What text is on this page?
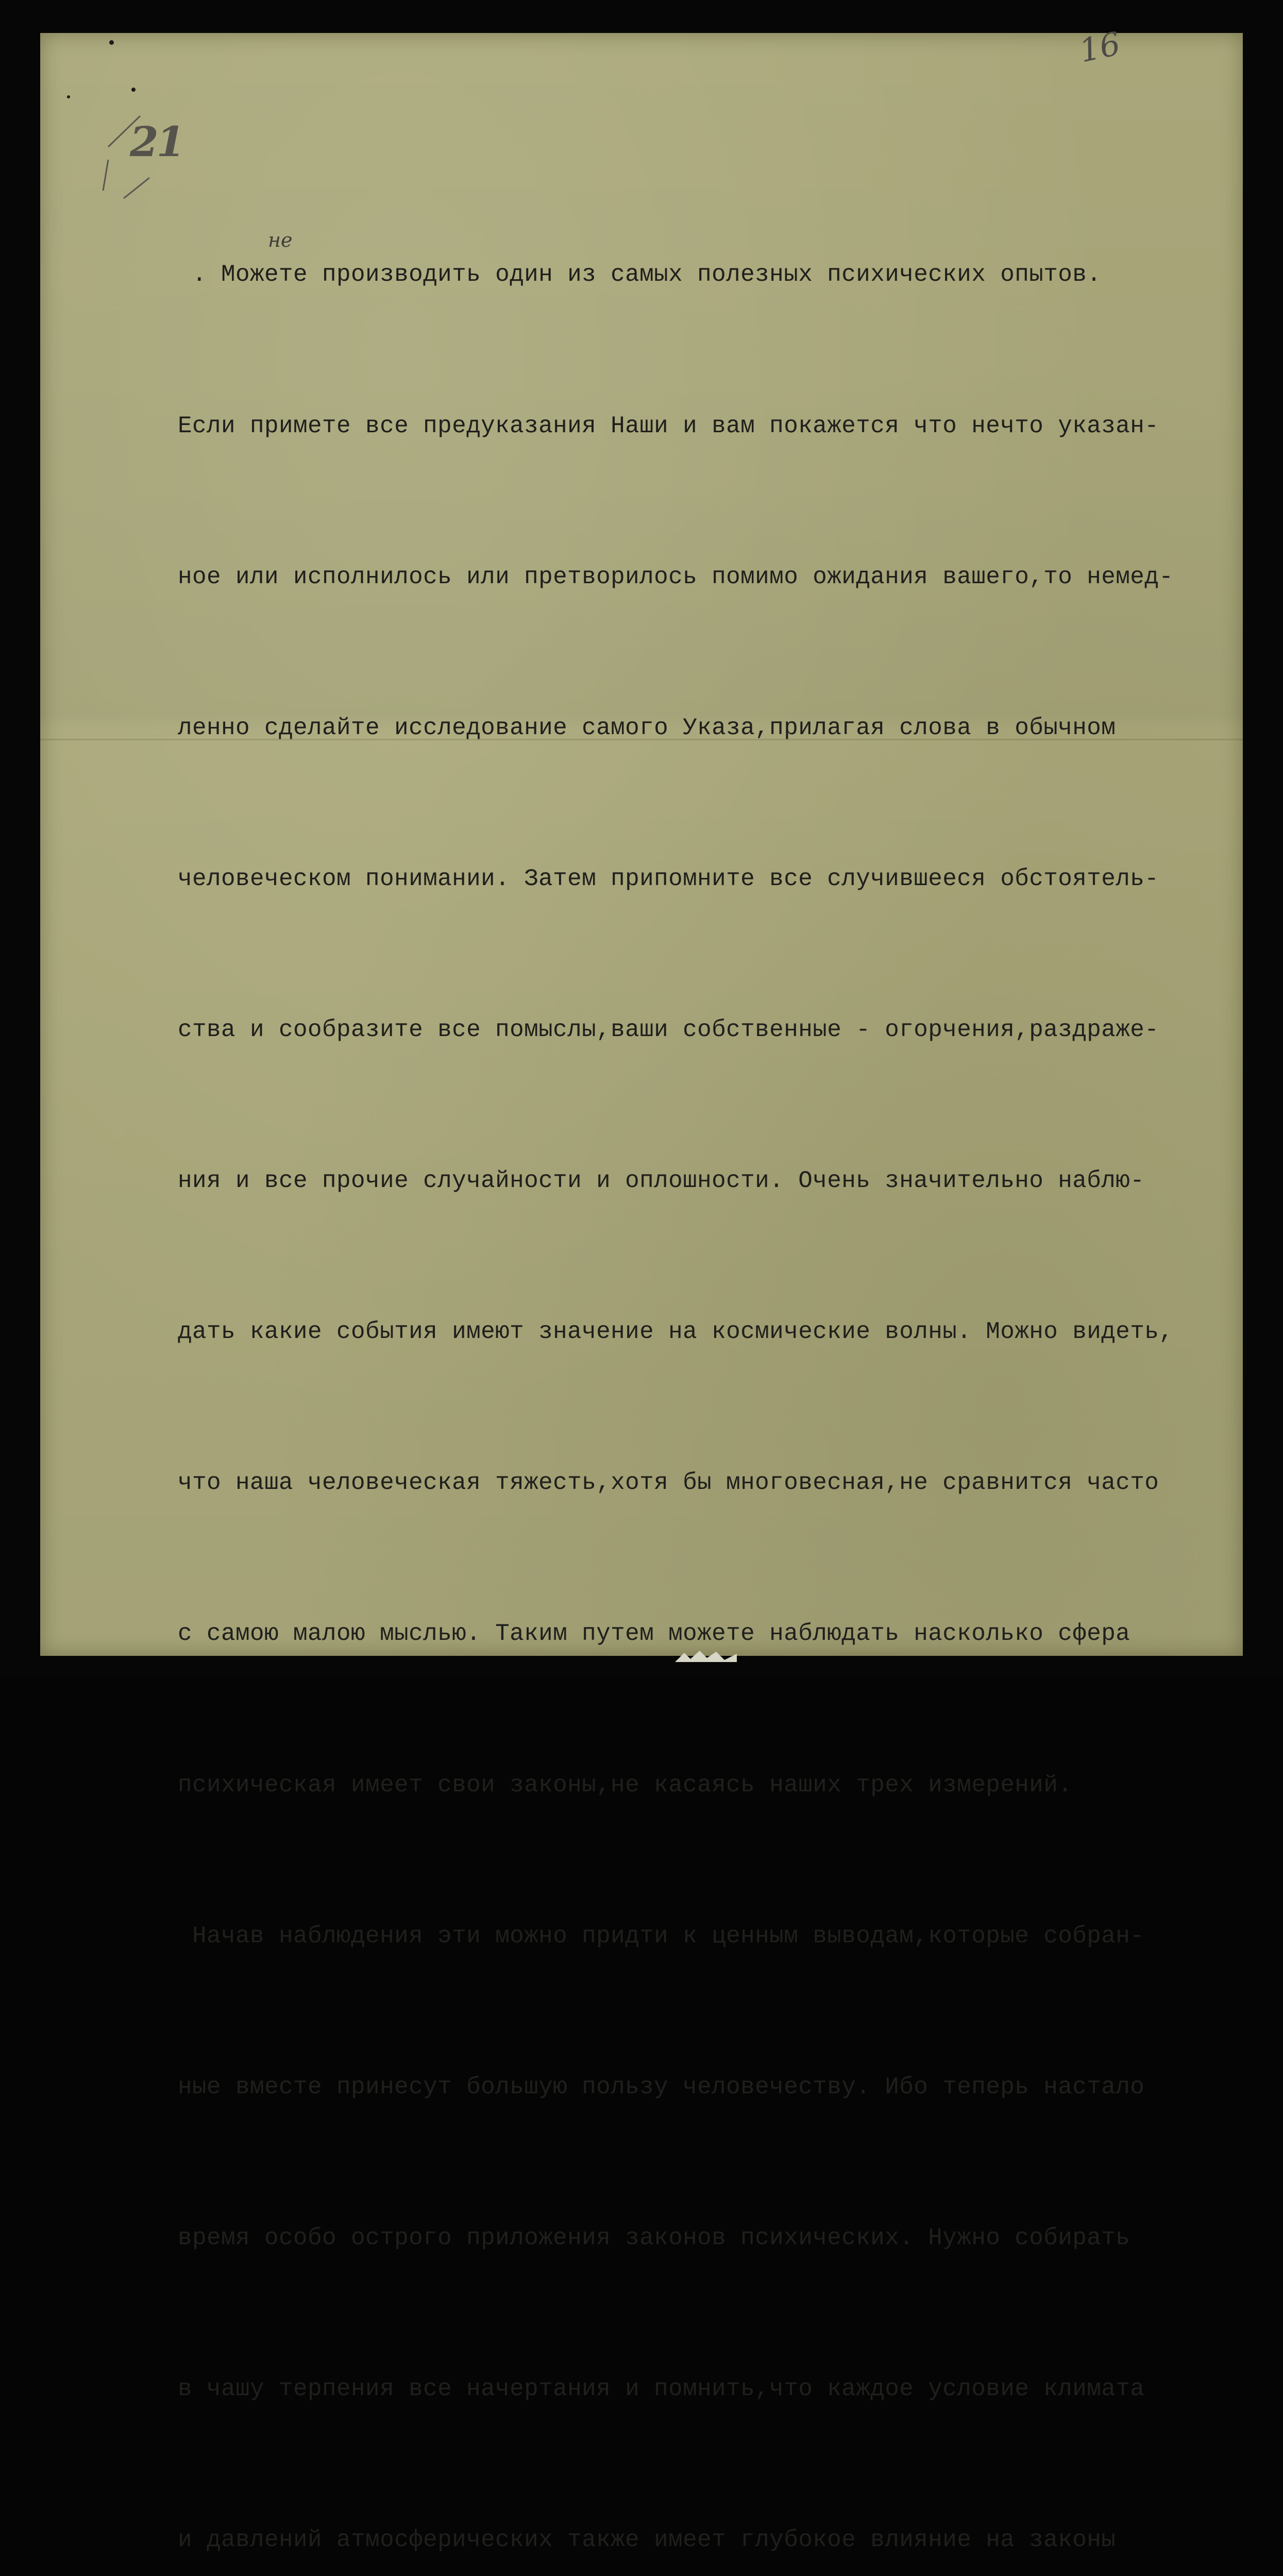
16
21
не

. Можете производить один из самых полезных психических опытов.

Если примете все предуказания Наши и вам покажется что нечто указан-

ное или исполнилось или претворилось помимо ожидания вашего,то немед-

ленно сделайте исследование самого Указа,прилагая слова в обычном

человеческом понимании. Затем припомните все случившееся обстоятель-

ства и сообразите все помыслы,ваши собственные - огорчения,раздраже-

ния и все прочие случайности и оплошности. Очень значительно наблю-

дать какие события имеют значение на космические волны. Можно видеть,

что наша человеческая тяжесть,хотя бы многовесная,не сравнится часто

с самою малою мыслью. Таким путем можете наблюдать насколько сфера

психическая имеет свои законы,не касаясь наших трех измерений.

Начав наблюдения эти можно придти к ценным выводам,которые собран-

ные вместе принесут большую пользу человечеству. Ибо теперь настало

время особо острого приложения законов психических. Нужно собирать

в чашу терпения все начертания и помнить,что каждое условие климата

и давлений атмосферических также имеет глубокое влияние на законы
